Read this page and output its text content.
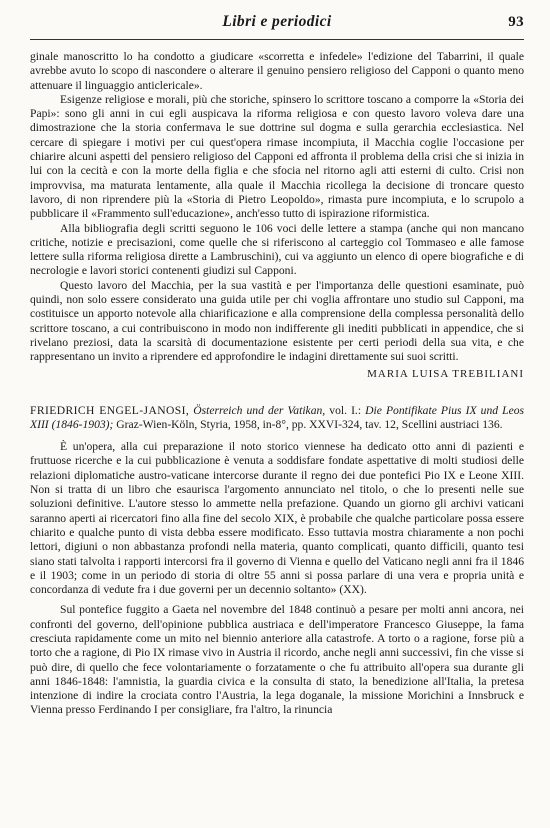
Libri e periodici	93

ginale manoscritto lo ha condotto a giudicare «scorretta e infedele» l'edizione del Tabarrini, il quale avrebbe avuto lo scopo di nascondere o alterare il genuino pensiero religioso del Capponi o quanto meno attenuare il linguaggio anticlericale».

Esigenze religiose e morali, più che storiche, spinsero lo scrittore toscano a comporre la «Storia dei Papi»: sono gli anni in cui egli auspicava la riforma religiosa e con questo lavoro voleva dare una dimostrazione che la storia confermava le sue dottrine sul dogma e sulla gerarchia ecclesiastica. Nel cercare di spiegare i motivi per cui quest'opera rimase incompiuta, il Macchia coglie l'occasione per chiarire alcuni aspetti del pensiero religioso del Capponi ed affronta il problema della crisi che si inizia in lui con la cecità e con la morte della figlia e che sfocia nel ritorno agli atti esterni di culto. Crisi non improvvisa, ma maturata lentamente, alla quale il Macchia ricollega la decisione di troncare questo lavoro, di non riprendere più la «Storia di Pietro Leopoldo», rimasta pure incompiuta, e lo scrupolo a pubblicare il «Frammento sull'educazione», anch'esso tutto di ispirazione riformistica.

Alla bibliografia degli scritti seguono le 106 voci delle lettere a stampa (anche qui non mancano critiche, notizie e precisazioni, come quelle che si riferiscono al carteggio col Tommaseo e alle famose lettere sulla riforma religiosa dirette a Lambruschini), cui va aggiunto un elenco di opere biografiche e di necrologie e lavori storici contenenti giudizi sul Capponi.

Questo lavoro del Macchia, per la sua vastità e per l'importanza delle questioni esaminate, può quindi, non solo essere considerato una guida utile per chi voglia affrontare uno studio sul Capponi, ma costituisce un apporto notevole alla chiarificazione e alla comprensione della complessa personalità dello scrittore toscano, a cui contribuiscono in modo non indifferente gli inediti pubblicati in appendice, che si rivelano preziosi, data la scarsità di documentazione esistente per certi periodi della sua vita, e che rappresentano un invito a riprendere ed approfondire le indagini direttamente sui suoi scritti.

MARIA LUISA TREBILIANI
FRIEDRICH ENGEL-JANOSI, Österreich und der Vatikan, vol. I.: Die Pontifikate Pius IX und Leos XIII (1846-1903); Graz-Wien-Köln, Styria, 1958, in-8°, pp. XXVI-324, tav. 12, Scellini austriaci 136.

È un'opera, alla cui preparazione il noto storico viennese ha dedicato otto anni di pazienti e fruttuose ricerche e la cui pubblicazione è venuta a soddisfare fondate aspettative di molti studiosi delle relazioni diplomatiche austro-vaticane intercorse durante il regno dei due pontefici Pio IX e Leone XIII. Non si tratta di un libro che esaurisca l'argomento annunciato nel titolo, o che lo presenti nelle sue soluzioni definitive. L'autore stesso lo ammette nella prefazione. Quando un giorno gli archivi vaticani saranno aperti ai ricercatori fino alla fine del secolo XIX, è probabile che qualche particolare possa essere chiarito e qualche punto di vista debba essere modificato. Esso tuttavia mostra chiaramente a non pochi lettori, digiuni o non abbastanza profondi nella materia, quanto complicati, quanto difficili, quanto tesi siano stati talvolta i rapporti intercorsi fra il governo di Vienna e quello del Vaticano negli anni fra il 1846 e il 1903; come in un periodo di storia di oltre 55 anni si possa parlare di una vera e propria unità e concordanza di vedute fra i due governi per un decennio soltanto» (XX).

Sul pontefice fuggito a Gaeta nel novembre del 1848 continuò a pesare per molti anni ancora, nei confronti del governo, dell'opinione pubblica austriaca e dell'imperatore Francesco Giuseppe, la fama cresciuta rapidamente come un mito nel biennio anteriore alla catastrofe. A torto o a ragione, forse più a torto che a ragione, di Pio IX rimase vivo in Austria il ricordo, anche negli anni successivi, fin che visse si può dire, di quello che fece volontariamente o forzatamente o che fu attribuito all'opera sua durante gli anni 1846-1848: l'amnistia, la guardia civica e la consulta di stato, la benedizione all'Italia, la pretesa intenzione di indire la crociata contro l'Austria, la lega doganale, la missione Morichini a Innsbruck e Vienna presso Ferdinando I per consigliare, fra l'altro, la rinuncia
